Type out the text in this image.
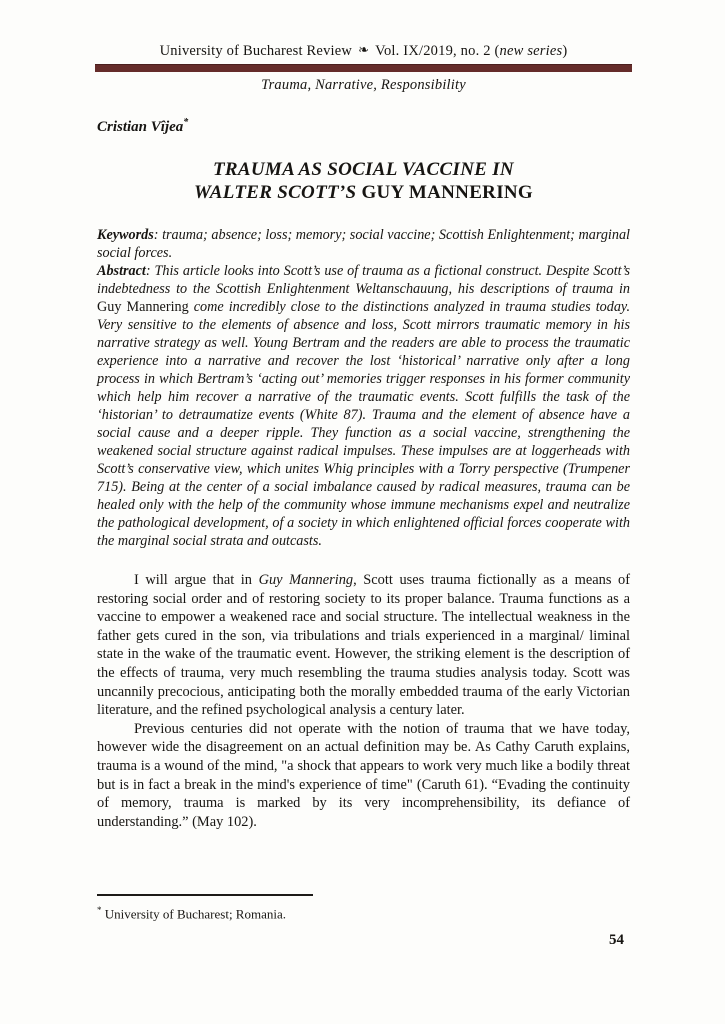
University of Bucharest Review ❧ Vol. IX/2019, no. 2 (new series)
Trauma, Narrative, Responsibility
Cristian Vîjea*
TRAUMA AS SOCIAL VACCINE IN
WALTER SCOTT’S GUY MANNERING

Keywords: trauma; absence; loss; memory; social vaccine; Scottish Enlightenment; marginal social forces.

Abstract: This article looks into Scott’s use of trauma as a fictional construct. Despite Scott’s indebtedness to the Scottish Enlightenment Weltanschauung, his descriptions of trauma in Guy Mannering come incredibly close to the distinctions analyzed in trauma studies today. Very sensitive to the elements of absence and loss, Scott mirrors traumatic memory in his narrative strategy as well. Young Bertram and the readers are able to process the traumatic experience into a narrative and recover the lost ‘historical’ narrative only after a long process in which Bertram’s ‘acting out’ memories trigger responses in his former community which help him recover a narrative of the traumatic events. Scott fulfills the task of the ‘historian’ to detraumatize events (White 87). Trauma and the element of absence have a social cause and a deeper ripple. They function as a social vaccine, strengthening the weakened social structure against radical impulses. These impulses are at loggerheads with Scott’s conservative view, which unites Whig principles with a Torry perspective (Trumpener 715). Being at the center of a social imbalance caused by radical measures, trauma can be healed only with the help of the community whose immune mechanisms expel and neutralize the pathological development, of a society in which enlightened official forces cooperate with the marginal social strata and outcasts.

I will argue that in Guy Mannering, Scott uses trauma fictionally as a means of restoring social order and of restoring society to its proper balance. Trauma functions as a vaccine to empower a weakened race and social structure. The intellectual weakness in the father gets cured in the son, via tribulations and trials experienced in a marginal/ liminal state in the wake of the traumatic event. However, the striking element is the description of the effects of trauma, very much resembling the trauma studies analysis today. Scott was uncannily precocious, anticipating both the morally embedded trauma of the early Victorian literature, and the refined psychological analysis a century later.

Previous centuries did not operate with the notion of trauma that we have today, however wide the disagreement on an actual definition may be. As Cathy Caruth explains, trauma is a wound of the mind, "a shock that appears to work very much like a bodily threat but is in fact a break in the mind's experience of time" (Caruth 61). “Evading the continuity of memory, trauma is marked by its very incomprehensibility, its defiance of understanding.” (May 102).

* University of Bucharest; Romania.

54
